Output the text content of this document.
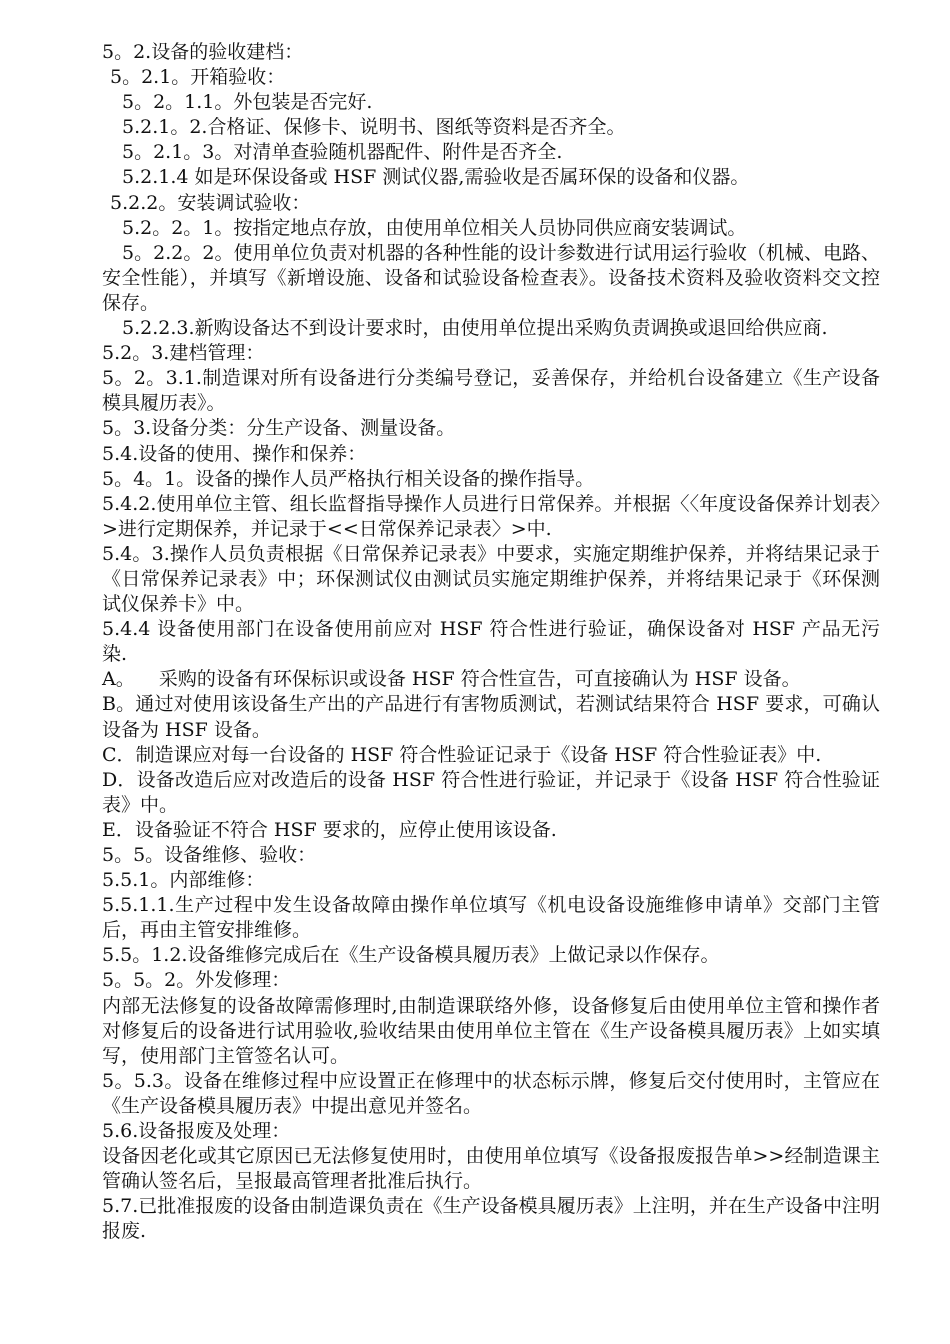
5。2.设备的验收建档：

5。2.1。开箱验收：

5。2。1.1。外包装是否完好.

5.2.1。2.合格证、保修卡、说明书、图纸等资料是否齐全。

5。2.1。3。对清单查验随机器配件、附件是否齐全.

5.2.1.4 如是环保设备或 HSF 测试仪器,需验收是否属环保的设备和仪器。

5.2.2。安装调试验收：

5.2。2。1。按指定地点存放，由使用单位相关人员协同供应商安装调试。

5。2.2。2。使用单位负责对机器的各种性能的设计参数进行试用运行验收（机械、电路、安全性能），并填写《新增设施、设备和试验设备检查表》。设备技术资料及验收资料交文控保存。

5.2.2.3.新购设备达不到设计要求时，由使用单位提出采购负责调换或退回给供应商.

5.2。3.建档管理：

5。2。3.1.制造课对所有设备进行分类编号登记，妥善保存，并给机台设备建立《生产设备模具履历表》。

5。3.设备分类：分生产设备、测量设备。

5.4.设备的使用、操作和保养：

5。4。1。设备的操作人员严格执行相关设备的操作指导。

5.4.2.使用单位主管、组长监督指导操作人员进行日常保养。并根据〈〈年度设备保养计划表〉>进行定期保养，并记录于<<日常保养记录表〉>中.

5.4。3.操作人员负责根据《日常保养记录表》中要求，实施定期维护保养，并将结果记录于《日常保养记录表》中；环保测试仪由测试员实施定期维护保养，并将结果记录于《环保测试仪保养卡》中。

5.4.4 设备使用部门在设备使用前应对 HSF 符合性进行验证，确保设备对 HSF 产品无污染.

A。    采购的设备有环保标识或设备 HSF 符合性宣告，可直接确认为 HSF 设备。

B。通过对使用该设备生产出的产品进行有害物质测试，若测试结果符合 HSF 要求，可确认设备为 HSF 设备。

C．制造课应对每一台设备的 HSF 符合性验证记录于《设备 HSF 符合性验证表》中.

D．设备改造后应对改造后的设备 HSF 符合性进行验证，并记录于《设备 HSF 符合性验证表》中。

E．设备验证不符合 HSF 要求的，应停止使用该设备.

5。5。设备维修、验收：

5.5.1。内部维修：

5.5.1.1.生产过程中发生设备故障由操作单位填写《机电设备设施维修申请单》交部门主管后，再由主管安排维修。

5.5。1.2.设备维修完成后在《生产设备模具履历表》上做记录以作保存。

5。5。2。外发修理：

内部无法修复的设备故障需修理时,由制造课联络外修，设备修复后由使用单位主管和操作者对修复后的设备进行试用验收,验收结果由使用单位主管在《生产设备模具履历表》上如实填写，使用部门主管签名认可。

5。5.3。设备在维修过程中应设置正在修理中的状态标示牌，修复后交付使用时，主管应在《生产设备模具履历表》中提出意见并签名。

5.6.设备报废及处理：

设备因老化或其它原因已无法修复使用时，由使用单位填写《设备报废报告单>>经制造课主管确认签名后，呈报最高管理者批准后执行。

5.7.已批准报废的设备由制造课负责在《生产设备模具履历表》上注明，并在生产设备中注明报废.
